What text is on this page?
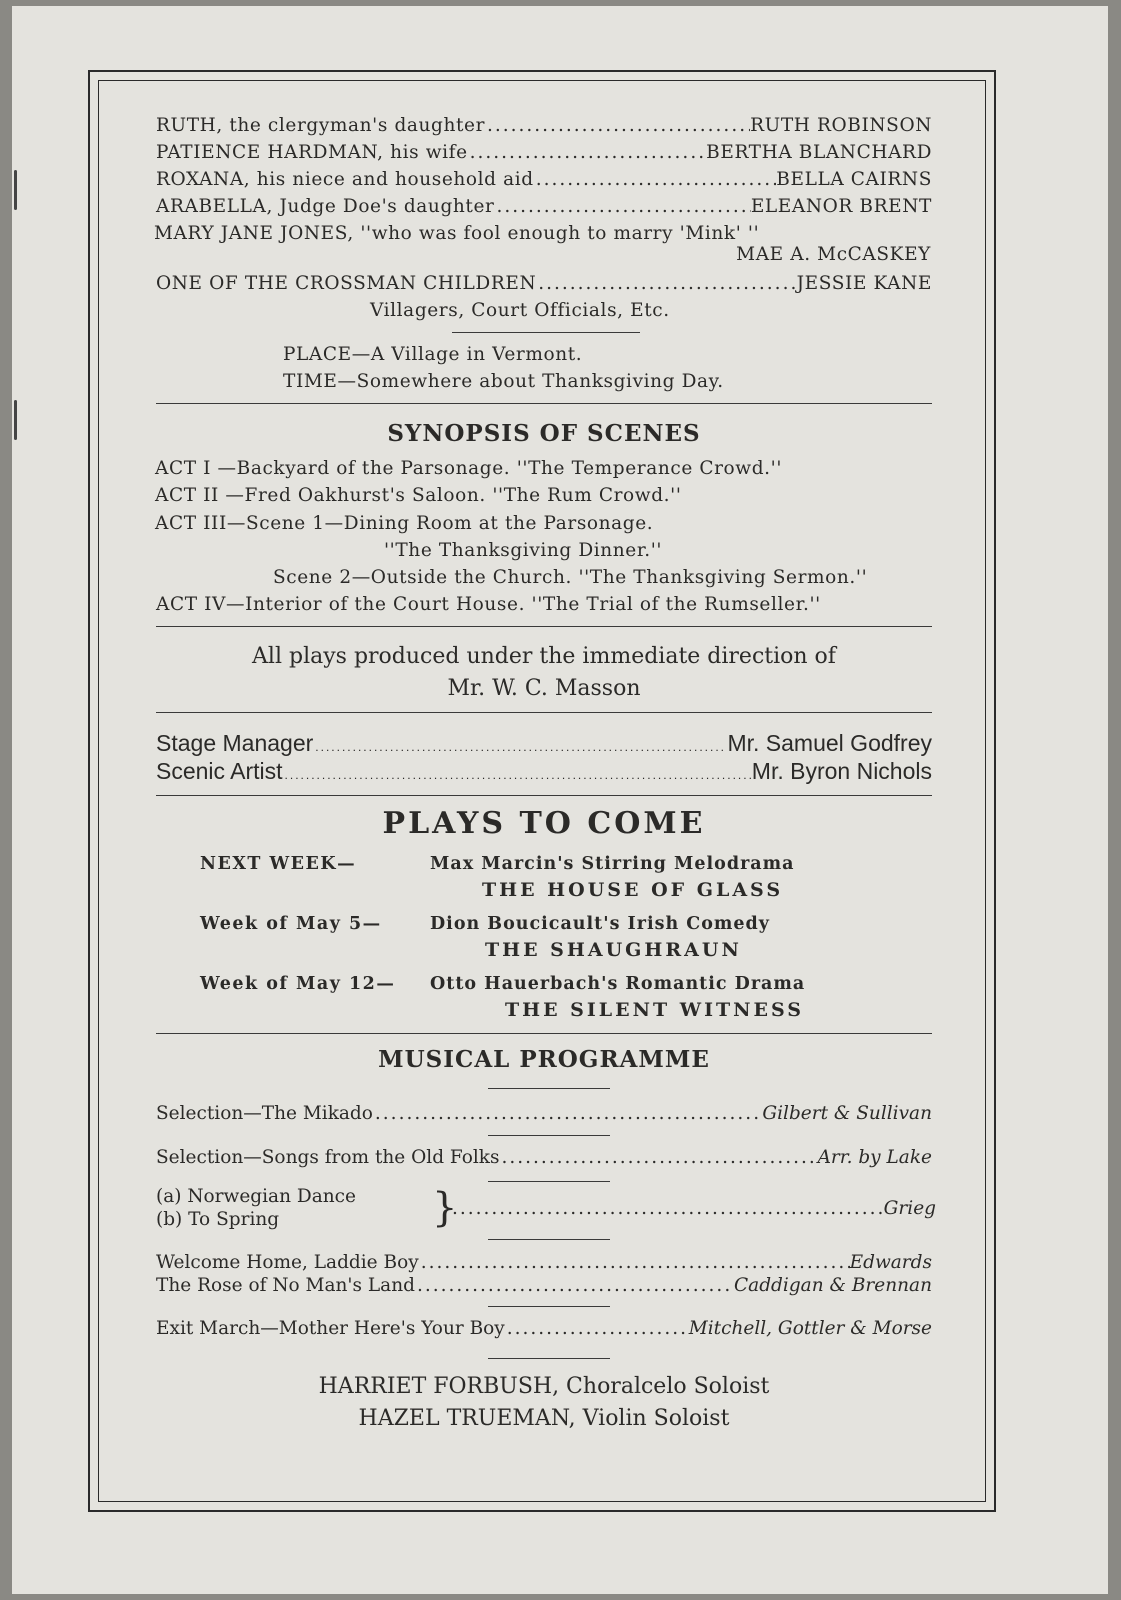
RUTH, the clergyman's daughter .....	RUTH ROBINSON
PATIENCE HARDMAN, his wife .....	BERTHA BLANCHARD
ROXANA, his niece and household aid .....	BELLA CAIRNS
ARABELLA, Judge Doe's daughter .....	ELEANOR BRENT
MARY JANE JONES, ''who was fool enough to marry 'Mink' ''
MAE A. McCASKEY
ONE OF THE CROSSMAN CHILDREN .....	JESSIE KANE
Villagers, Court Officials, Etc.
PLACE—A Village in Vermont.
TIME—Somewhere about Thanksgiving Day.
SYNOPSIS OF SCENES
ACT I —Backyard of the Parsonage. ''The Temperance Crowd.''
ACT II —Fred Oakhurst's Saloon. ''The Rum Crowd.''
ACT III—Scene 1—Dining Room at the Parsonage.
''The Thanksgiving Dinner.''
Scene 2—Outside the Church. ''The Thanksgiving Sermon.''
ACT IV—Interior of the Court House. ''The Trial of the Rumseller.''
All plays produced under the immediate direction of
Mr. W. C. Masson
Stage Manager .....	Mr. Samuel Godfrey
Scenic Artist .....	Mr. Byron Nichols
PLAYS TO COME
NEXT WEEK—	Max Marcin's Stirring Melodrama
THE HOUSE OF GLASS
Week of May 5—	Dion Boucicault's Irish Comedy
THE SHAUGHRAUN
Week of May 12— Otto Hauerbach's Romantic Drama
THE SILENT WITNESS
MUSICAL PROGRAMME
Selection—The Mikado .....	Gilbert & Sullivan
Selection—Songs from the Old Folks .....	Arr. by Lake
(a) Norwegian Dance
(b) To Spring	} .....	Grieg
Welcome Home, Laddie Boy .....	Edwards
The Rose of No Man's Land .....	Caddigan & Brennan
Exit March—Mother Here's Your Boy .....	Mitchell, Gottler & Morse
HARRIET FORBUSH, Choralcelo Soloist
HAZEL TRUEMAN, Violin Soloist
